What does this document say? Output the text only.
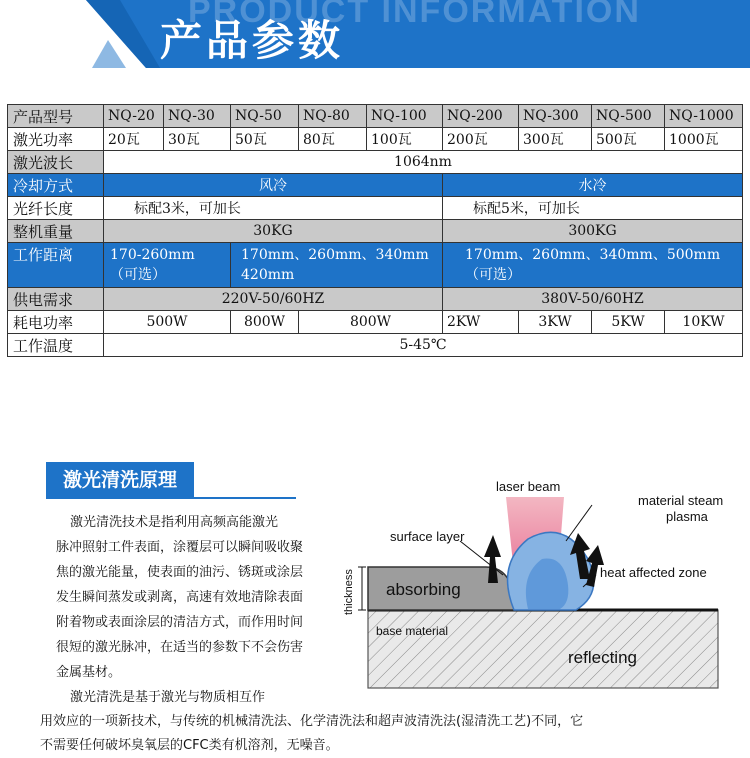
PRODUCT INFORMATION
产品参数
产品型号	NQ-20	NQ-30	NQ-50	NQ-80	NQ-100	NQ-200	NQ-300	NQ-500	NQ-1000
激光功率	20瓦	30瓦	50瓦	80瓦	100瓦	200瓦	300瓦	500瓦	1000瓦
激光波长	1064nm								
冷却方式	风冷					水冷			
光纤长度	标配3米，可加长					标配5米，可加长			
整机重量	30KG					300KG			
工作距离	170-260mm （可选）		170mm、260mm、340mm 420mm			170mm、260mm、340mm、500mm （可选）			
供电需求	220V-50/60HZ					380V-50/60HZ			
耗电功率	500W		800W	800W		2KW	3KW	5KW	10KW
工作温度	5-45℃								
激光清洗原理
激光清洗技术是指利用高频高能激光
脉冲照射工件表面，涂覆层可以瞬间吸收聚
焦的激光能量，使表面的油污、锈斑或涂层
发生瞬间蒸发或剥离，高速有效地清除表面
附着物或表面涂层的清洁方式，而作用时间
很短的激光脉冲，在适当的参数下不会伤害
金属基材。
激光清洗是基于激光与物质相互作
用效应的一项新技术，与传统的机械清洗法、化学清洗法和超声波清洗法(湿清洗工艺)不同，它
不需要任何破坏臭氧层的CFC类有机溶剂，无噪音。
laser beam
material steam
plasma
surface layer
heat affected zone
absorbing
base material
reflecting
thickness
